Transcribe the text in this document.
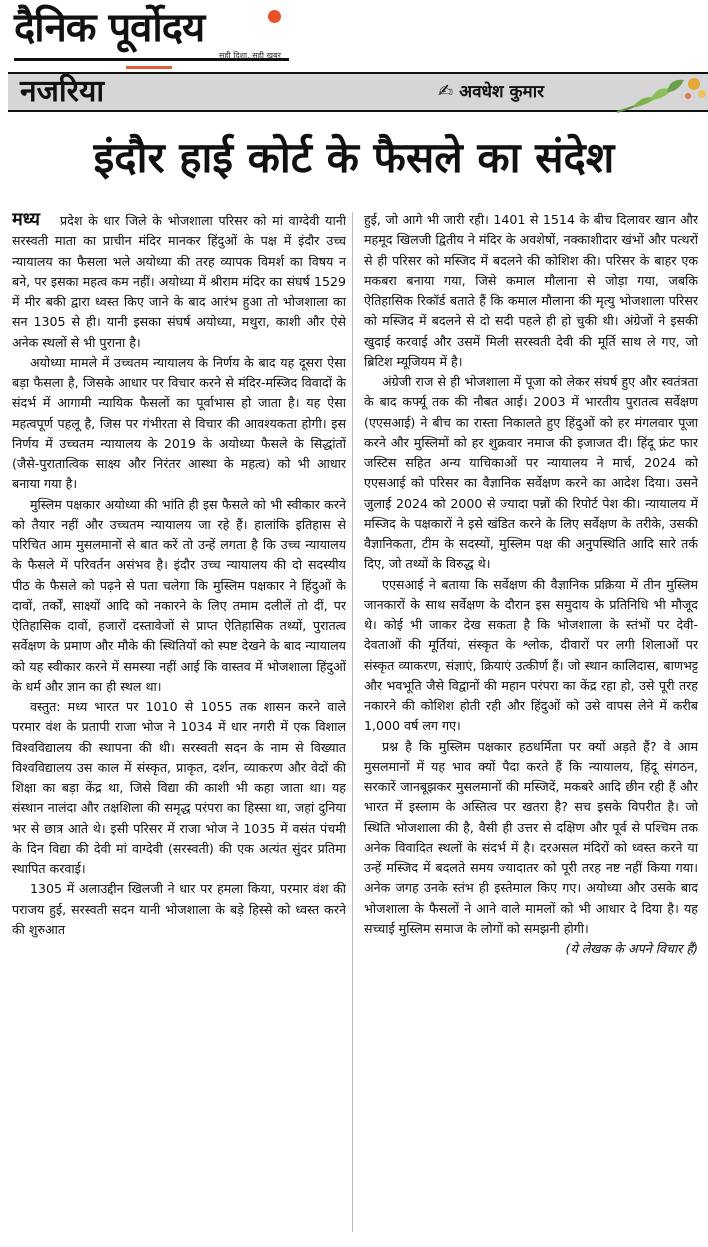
दैनिक पूर्वोदय
सही दिशा, सही खबर
नजरिया	✍ अवधेश कुमार
इंदौर हाई कोर्ट के फैसले का संदेश

मध्य प्रदेश के धार जिले के भोजशाला परिसर को मां वाग्देवी यानी सरस्वती माता का प्राचीन मंदिर मानकर हिंदुओं के पक्ष में इंदौर उच्च न्यायालय का फैसला भले अयोध्या की तरह व्यापक विमर्श का विषय न बने, पर इसका महत्व कम नहीं। अयोध्या में श्रीराम मंदिर का संघर्ष 1529 में मीर बकी द्वारा ध्वस्त किए जाने के बाद आरंभ हुआ तो भोजशाला का सन 1305 से ही। यानी इसका संघर्ष अयोध्या, मथुरा, काशी और ऐसे अनेक स्थलों से भी पुराना है।

अयोध्या मामले में उच्चतम न्यायालय के निर्णय के बाद यह दूसरा ऐसा बड़ा फैसला है, जिसके आधार पर विचार करने से मंदिर-मस्जिद विवादों के संदर्भ में आगामी न्यायिक फैसलों का पूर्वाभास हो जाता है। यह ऐसा महत्वपूर्ण पहलू है, जिस पर गंभीरता से विचार की आवश्यकता होगी। इस निर्णय में उच्चतम न्यायालय के 2019 के अयोध्या फैसले के सिद्धांतों (जैसे-पुरातात्विक साक्ष्य और निरंतर आस्था के महत्व) को भी आधार बनाया गया है।

मुस्लिम पक्षकार अयोध्या की भांति ही इस फैसले को भी स्वीकार करने को तैयार नहीं और उच्चतम न्यायालय जा रहे हैं। हालांकि इतिहास से परिचित आम मुसलमानों से बात करें तो उन्हें लगता है कि उच्च न्यायालय के फैसले में परिवर्तन असंभव है। इंदौर उच्च न्यायालय की दो सदस्यीय पीठ के फैसले को पढ़ने से पता चलेगा कि मुस्लिम पक्षकार ने हिंदुओं के दावों, तर्कों, साक्ष्यों आदि को नकारने के लिए तमाम दलीलें तो दीं, पर ऐतिहासिक दावों, हजारों दस्तावेजों से प्राप्त ऐतिहासिक तथ्यों, पुरातत्व सर्वेक्षण के प्रमाण और मौके की स्थितियों को स्पष्ट देखने के बाद न्यायालय को यह स्वीकार करने में समस्या नहीं आई कि वास्तव में भोजशाला हिंदुओं के धर्म और ज्ञान का ही स्थल था।

वस्तुत: मध्य भारत पर 1010 से 1055 तक शासन करने वाले परमार वंश के प्रतापी राजा भोज ने 1034 में धार नगरी में एक विशाल विश्वविद्यालय की स्थापना की थी। सरस्वती सदन के नाम से विख्यात विश्वविद्यालय उस काल में संस्कृत, प्राकृत, दर्शन, व्याकरण और वेदों की शिक्षा का बड़ा केंद्र था, जिसे विद्या की काशी भी कहा जाता था। यह संस्थान नालंदा और तक्षशिला की समृद्ध परंपरा का हिस्सा था, जहां दुनिया भर से छात्र आते थे। इसी परिसर में राजा भोज ने 1035 में वसंत पंचमी के दिन विद्या की देवी मां वाग्देवी (सरस्वती) की एक अत्यंत सुंदर प्रतिमा स्थापित करवाई।

1305 में अलाउद्दीन खिलजी ने धार पर हमला किया, परमार वंश की पराजय हुई, सरस्वती सदन यानी भोजशाला के बड़े हिस्से को ध्वस्त करने की शुरुआत

हुई, जो आगे भी जारी रही। 1401 से 1514 के बीच दिलावर खान और महमूद खिलजी द्वितीय ने मंदिर के अवशेषों, नक्काशीदार खंभों और पत्थरों से ही परिसर को मस्जिद में बदलने की कोशिश की। परिसर के बाहर एक मकबरा बनाया गया, जिसे कमाल मौलाना से जोड़ा गया, जबकि ऐतिहासिक रिकॉर्ड बताते हैं कि कमाल मौलाना की मृत्यु भोजशाला परिसर को मस्जिद में बदलने से दो सदी पहले ही हो चुकी थी। अंग्रेजों ने इसकी खुदाई करवाई और उसमें मिली सरस्वती देवी की मूर्ति साथ ले गए, जो ब्रिटिश म्यूजियम में है।

अंग्रेजी राज से ही भोजशाला में पूजा को लेकर संघर्ष हुए और स्वतंत्रता के बाद कर्फ्यू तक की नौबत आई। 2003 में भारतीय पुरातत्व सर्वेक्षण (एएसआई) ने बीच का रास्ता निकालते हुए हिंदुओं को हर मंगलवार पूजा करने और मुस्लिमों को हर शुक्रवार नमाज की इजाजत दी। हिंदू फ्रंट फार जस्टिस सहित अन्य याचिकाओं पर न्यायालय ने मार्च, 2024 को एएसआई को परिसर का वैज्ञानिक सर्वेक्षण करने का आदेश दिया। उसने जुलाई 2024 को 2000 से ज्यादा पन्नों की रिपोर्ट पेश की। न्यायालय में मस्जिद के पक्षकारों ने इसे खंडित करने के लिए सर्वेक्षण के तरीके, उसकी वैज्ञानिकता, टीम के सदस्यों, मुस्लिम पक्ष की अनुपस्थिति आदि सारे तर्क दिए, जो तथ्यों के विरुद्ध थे।

एएसआई ने बताया कि सर्वेक्षण की वैज्ञानिक प्रक्रिया में तीन मुस्लिम जानकारों के साथ सर्वेक्षण के दौरान इस समुदाय के प्रतिनिधि भी मौजूद थे। कोई भी जाकर देख सकता है कि भोजशाला के स्तंभों पर देवी-देवताओं की मूर्तियां, संस्कृत के श्लोक, दीवारों पर लगी शिलाओं पर संस्कृत व्याकरण, संज्ञाएं, क्रियाएं उत्कीर्ण हैं। जो स्थान कालिदास, बाणभट्ट और भवभूति जैसे विद्वानों की महान परंपरा का केंद्र रहा हो, उसे पूरी तरह नकारने की कोशिश होती रही और हिंदुओं को उसे वापस लेने में करीब 1,000 वर्ष लग गए।

प्रश्न है कि मुस्लिम पक्षकार हठधर्मिता पर क्यों अड़ते हैं? वे आम मुसलमानों में यह भाव क्यों पैदा करते हैं कि न्यायालय, हिंदू संगठन, सरकारें जानबूझकर मुसलमानों की मस्जिदें, मकबरे आदि छीन रही हैं और भारत में इस्लाम के अस्तित्व पर खतरा है? सच इसके विपरीत है। जो स्थिति भोजशाला की है, वैसी ही उत्तर से दक्षिण और पूर्व से पश्चिम तक अनेक विवादित स्थलों के संदर्भ में है। दरअसल मंदिरों को ध्वस्त करने या उन्हें मस्जिद में बदलते समय ज्यादातर को पूरी तरह नष्ट नहीं किया गया। अनेक जगह उनके स्तंभ ही इस्तेमाल किए गए। अयोध्या और उसके बाद भोजशाला के फैसलों ने आने वाले मामलों को भी आधार दे दिया है। यह सच्चाई मुस्लिम समाज के लोगों को समझनी होगी।

(ये लेखक के अपने विचार हैं)
